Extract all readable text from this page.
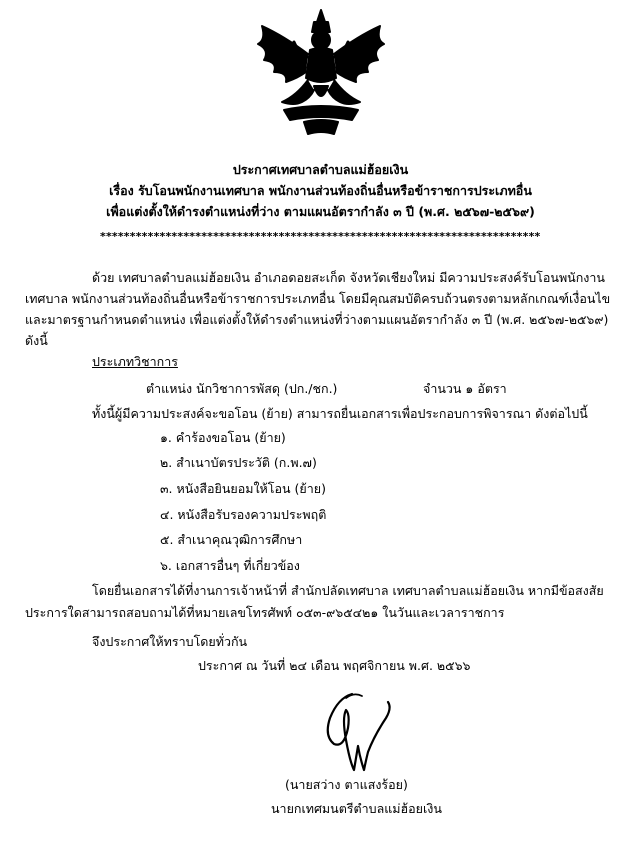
ประกาศเทศบาลตำบลแม่ฮ้อยเงิน
เรื่อง รับโอนพนักงานเทศบาล พนักงานส่วนท้องถิ่นอื่นหรือข้าราชการประเภทอื่น
เพื่อแต่งตั้งให้ดำรงตำแหน่งที่ว่าง ตามแผนอัตรากำลัง ๓ ปี (พ.ศ. ๒๕๖๗-๒๕๖๙)
**************************************************************************
ด้วย เทศบาลตำบลแม่ฮ้อยเงิน อำเภอดอยสะเก็ด จังหวัดเชียงใหม่ มีความประสงค์รับโอนพนักงาน
เทศบาล พนักงานส่วนท้องถิ่นอื่นหรือข้าราชการประเภทอื่น โดยมีคุณสมบัติครบถ้วนตรงตามหลักเกณฑ์เงื่อนไข
และมาตรฐานกำหนดตำแหน่ง เพื่อแต่งตั้งให้ดำรงตำแหน่งที่ว่างตามแผนอัตรากำลัง ๓ ปี (พ.ศ. ๒๕๖๗-๒๕๖๙)
ดังนี้
ประเภทวิชาการ
ตำแหน่ง นักวิชาการพัสดุ (ปก./ชก.)	จำนวน ๑ อัตรา
ทั้งนี้ผู้มีความประสงค์จะขอโอน (ย้าย) สามารถยื่นเอกสารเพื่อประกอบการพิจารณา ดังต่อไปนี้
๑. คำร้องขอโอน (ย้าย)
๒. สำเนาบัตรประวัติ (ก.พ.๗)
๓. หนังสือยินยอมให้โอน (ย้าย)
๔. หนังสือรับรองความประพฤติ
๕. สำเนาคุณวุฒิการศึกษา
๖. เอกสารอื่นๆ ที่เกี่ยวข้อง
โดยยื่นเอกสารได้ที่งานการเจ้าหน้าที่ สำนักปลัดเทศบาล เทศบาลตำบลแม่ฮ้อยเงิน หากมีข้อสงสัย
ประการใดสามารถสอบถามได้ที่หมายเลขโทรศัพท์ ๐๕๓-๙๖๕๔๒๑ ในวันและเวลาราชการ
จึงประกาศให้ทราบโดยทั่วกัน
ประกาศ ณ วันที่ ๒๔ เดือน พฤศจิกายน พ.ศ. ๒๕๖๖
(นายสว่าง ตาแสงร้อย)
นายกเทศมนตรีตำบลแม่ฮ้อยเงิน
